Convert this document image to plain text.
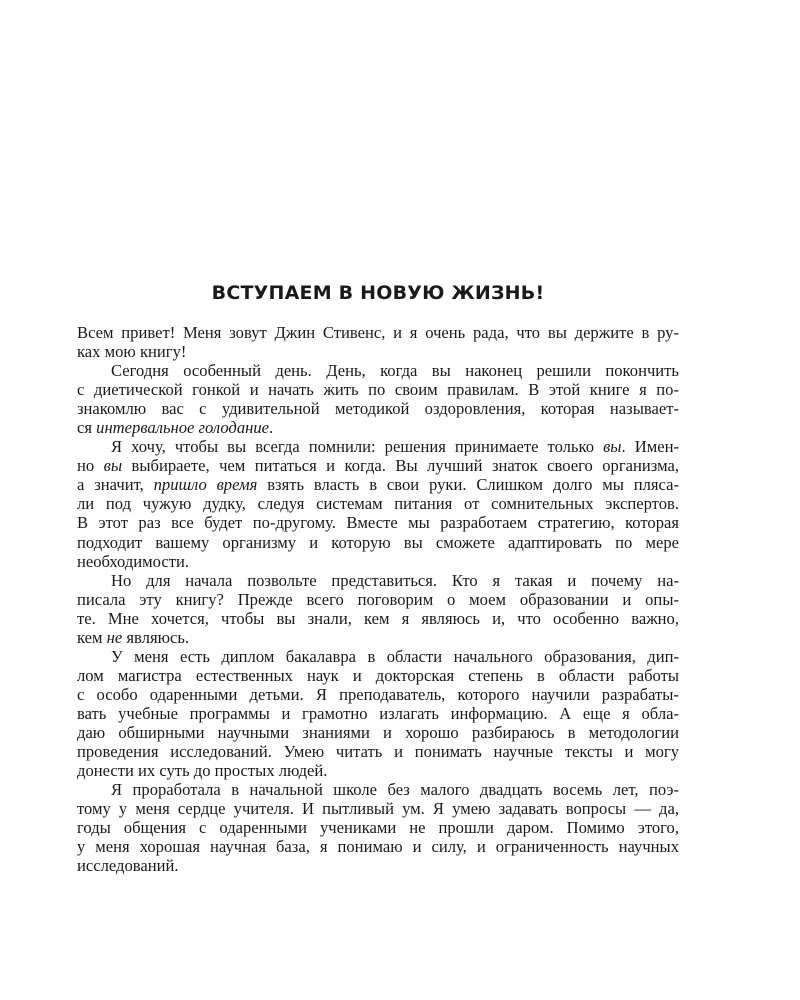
ВСТУПАЕМ В НОВУЮ ЖИЗНЬ!
Всем привет! Меня зовут Джин Стивенс, и я очень рада, что вы держите в ру-
ках мою книгу!
Сегодня особенный день. День, когда вы наконец решили покончить
с диетической гонкой и начать жить по своим правилам. В этой книге я по-
знакомлю вас с удивительной методикой оздоровления, которая называет-
ся интервальное голодание.
Я хочу, чтобы вы всегда помнили: решения принимаете только вы. Имен-
но вы выбираете, чем питаться и когда. Вы лучший знаток своего организма,
а значит, пришло время взять власть в свои руки. Слишком долго мы пляса-
ли под чужую дудку, следуя системам питания от сомнительных экспертов.
В этот раз все будет по-другому. Вместе мы разработаем стратегию, которая
подходит вашему организму и которую вы сможете адаптировать по мере
необходимости.
Но для начала позвольте представиться. Кто я такая и почему на-
писала эту книгу? Прежде всего поговорим о моем образовании и опы-
те. Мне хочется, чтобы вы знали, кем я являюсь и, что особенно важно,
кем не являюсь.
У меня есть диплом бакалавра в области начального образования, дип-
лом магистра естественных наук и докторская степень в области работы
с особо одаренными детьми. Я преподаватель, которого научили разрабаты-
вать учебные программы и грамотно излагать информацию. А еще я обла-
даю обширными научными знаниями и хорошо разбираюсь в методологии
проведения исследований. Умею читать и понимать научные тексты и могу
донести их суть до простых людей.
Я проработала в начальной школе без малого двадцать восемь лет, поэ-
тому у меня сердце учителя. И пытливый ум. Я умею задавать вопросы — да,
годы общения с одаренными учениками не прошли даром. Помимо этого,
у меня хорошая научная база, я понимаю и силу, и ограниченность научных
исследований.
